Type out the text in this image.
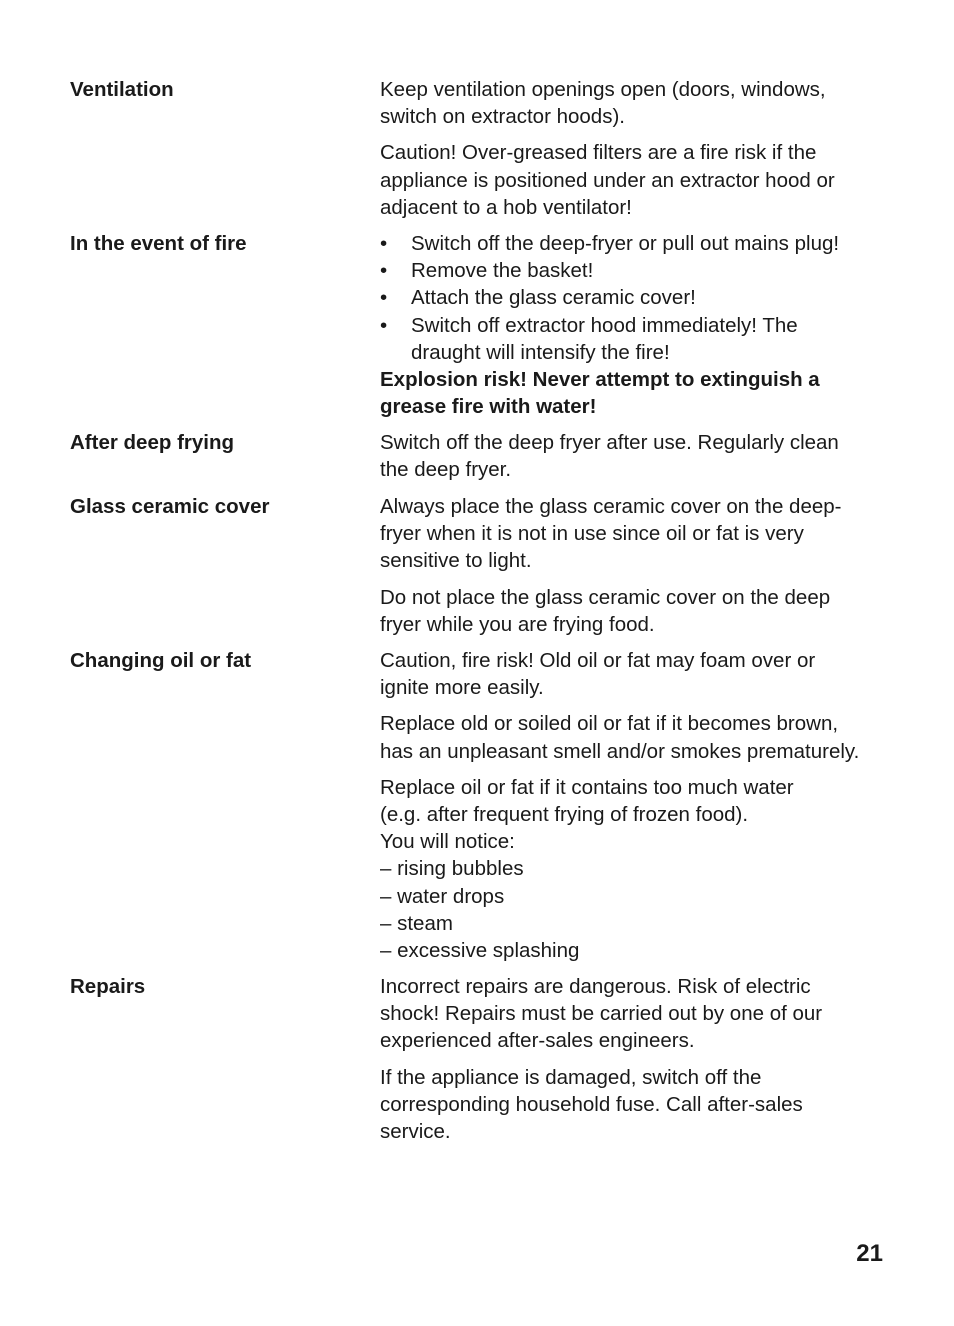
Ventilation	Keep ventilation openings open (doors, windows,
switch on extractor hoods).
Caution! Over-greased filters are a fire risk if the
appliance is positioned under an extractor hood or
adjacent to a hob ventilator!
In the event of fire	• Switch off the deep-fryer or pull out mains plug!
• Remove the basket!
• Attach the glass ceramic cover!
• Switch off extractor hood immediately! The
draught will intensify the fire!
Explosion risk! Never attempt to extinguish a
grease fire with water!
After deep frying	Switch off the deep fryer after use. Regularly clean
the deep fryer.
Glass ceramic cover	Always place the glass ceramic cover on the deep-
fryer when it is not in use since oil or fat is very
sensitive to light.
Do not place the glass ceramic cover on the deep
fryer while you are frying food.
Changing oil or fat	Caution, fire risk! Old oil or fat may foam over or
ignite more easily.
Replace old or soiled oil or fat if it becomes brown,
has an unpleasant smell and/or smokes prematurely.
Replace oil or fat if it contains too much water
(e.g. after frequent frying of frozen food).
You will notice:
– rising bubbles
– water drops
– steam
– excessive splashing
Repairs	Incorrect repairs are dangerous. Risk of electric
shock! Repairs must be carried out by one of our
experienced after-sales engineers.
If the appliance is damaged, switch off the
corresponding household fuse. Call after-sales
service.
21
